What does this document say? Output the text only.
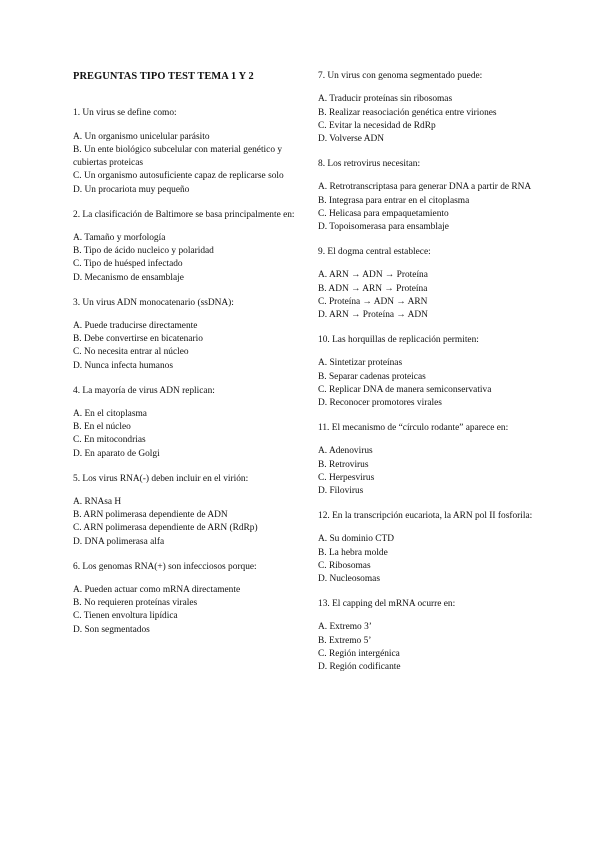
PREGUNTAS TIPO TEST TEMA 1 Y 2
1. Un virus se define como:
A. Un organismo unicelular parásito
B. Un ente biológico subcelular con material genético y cubiertas proteicas
C. Un organismo autosuficiente capaz de replicarse solo
D. Un procariota muy pequeño
2. La clasificación de Baltimore se basa principalmente en:
A. Tamaño y morfología
B. Tipo de ácido nucleico y polaridad
C. Tipo de huésped infectado
D. Mecanismo de ensamblaje
3. Un virus ADN monocatenario (ssDNA):
A. Puede traducirse directamente
B. Debe convertirse en bicatenario
C. No necesita entrar al núcleo
D. Nunca infecta humanos
4. La mayoría de virus ADN replican:
A. En el citoplasma
B. En el núcleo
C. En mitocondrias
D. En aparato de Golgi
5. Los virus RNA(-) deben incluir en el virión:
A. RNAsa H
B. ARN polimerasa dependiente de ADN
C. ARN polimerasa dependiente de ARN (RdRp)
D. DNA polimerasa alfa
6. Los genomas RNA(+) son infecciosos porque:
A. Pueden actuar como mRNA directamente
B. No requieren proteínas virales
C. Tienen envoltura lipídica
D. Son segmentados
7. Un virus con genoma segmentado puede:
A. Traducir proteínas sin ribosomas
B. Realizar reasociación genética entre viriones
C. Evitar la necesidad de RdRp
D. Volverse ADN
8. Los retrovirus necesitan:
A. Retrotranscriptasa para generar DNA a partir de RNA
B. Integrasa para entrar en el citoplasma
C. Helicasa para empaquetamiento
D. Topoisomerasa para ensamblaje
9. El dogma central establece:
A. ARN → ADN → Proteína
B. ADN → ARN → Proteína
C. Proteína → ADN → ARN
D. ARN → Proteína → ADN
10. Las horquillas de replicación permiten:
A. Sintetizar proteínas
B. Separar cadenas proteicas
C. Replicar DNA de manera semiconservativa
D. Reconocer promotores virales
11. El mecanismo de “círculo rodante” aparece en:
A. Adenovirus
B. Retrovirus
C. Herpesvirus
D. Filovirus
12. En la transcripción eucariota, la ARN pol II fosforila:
A. Su dominio CTD
B. La hebra molde
C. Ribosomas
D. Nucleosomas
13. El capping del mRNA ocurre en:
A. Extremo 3’
B. Extremo 5’
C. Región intergénica
D. Región codificante
